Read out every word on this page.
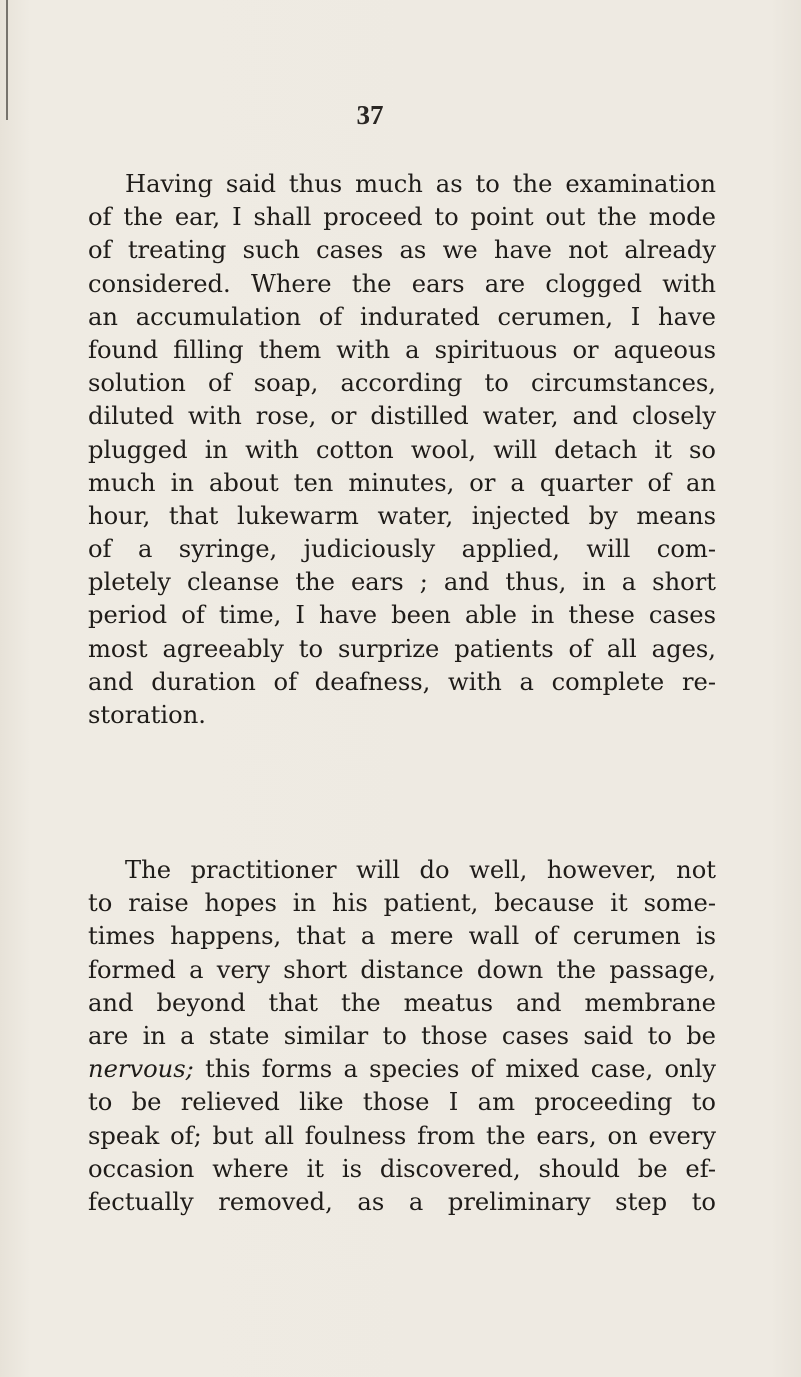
37
Having said thus much as to the examination
of the ear, I shall proceed to point out the mode
of treating such cases as we have not already
considered. Where the ears are clogged with
an accumulation of indurated cerumen, I have
found filling them with a spirituous or aqueous
solution of soap, according to circumstances,
diluted with rose, or distilled water, and closely
plugged in with cotton wool, will detach it so
much in about ten minutes, or a quarter of an
hour, that lukewarm water, injected by means
of a syringe, judiciously applied, will com-
pletely cleanse the ears ; and thus, in a short
period of time, I have been able in these cases
most agreeably to surprize patients of all ages,
and duration of deafness, with a complete re-
storation.
The practitioner will do well, however, not
to raise hopes in his patient, because it some-
times happens, that a mere wall of cerumen is
formed a very short distance down the passage,
and beyond that the meatus and membrane
are in a state similar to those cases said to be
nervous; this forms a species of mixed case, only
to be relieved like those I am proceeding to
speak of; but all foulness from the ears, on every
occasion where it is discovered, should be ef-
fectually removed, as a preliminary step to
